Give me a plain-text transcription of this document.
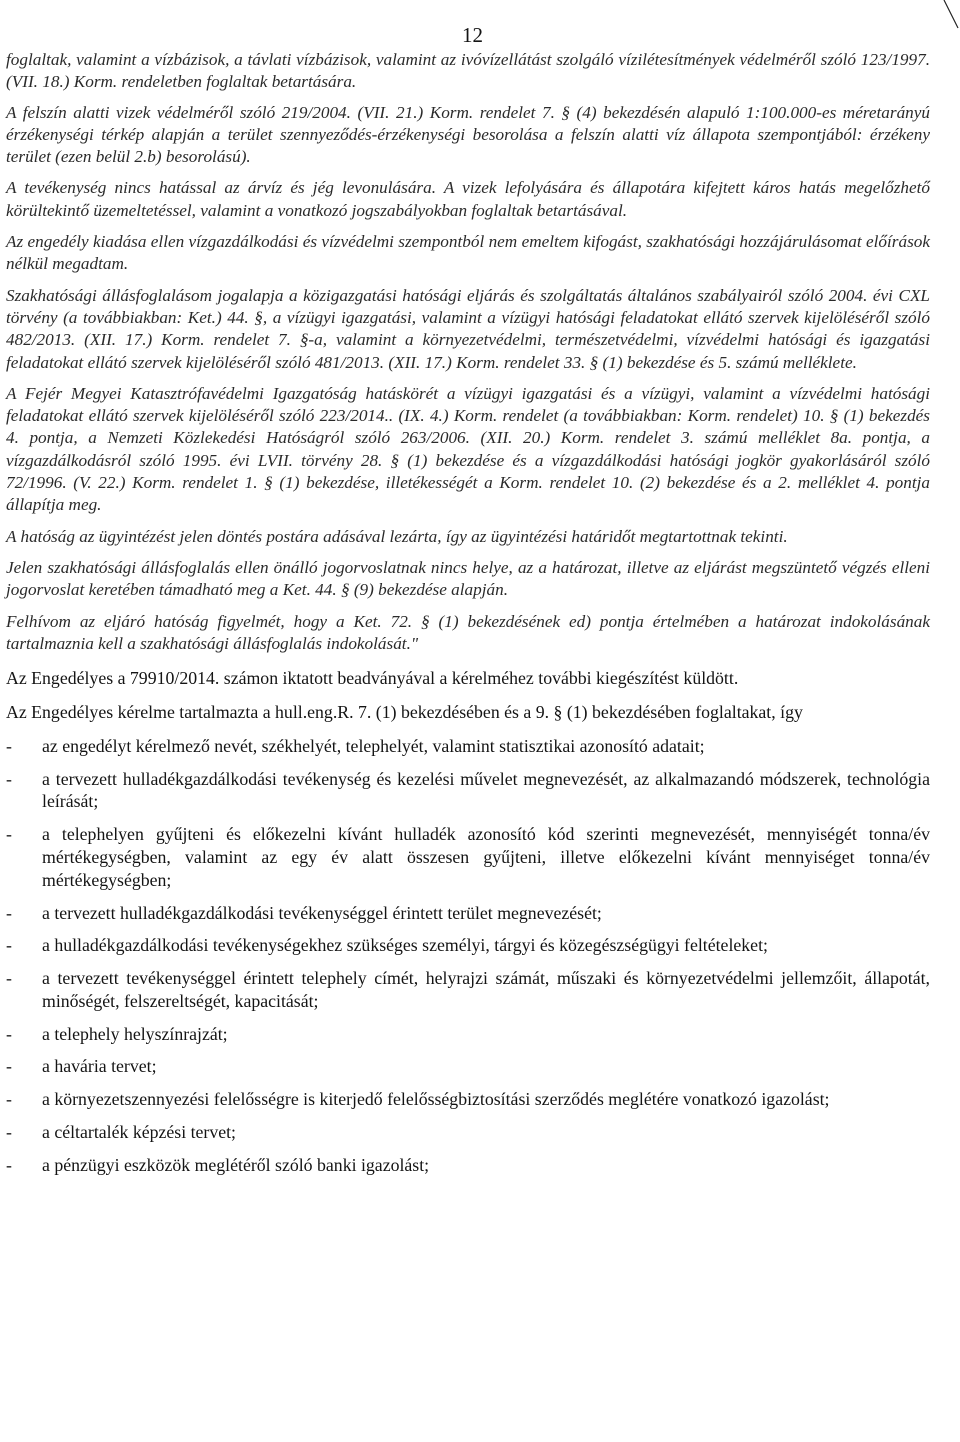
12

foglaltak, valamint a vízbázisok, a távlati vízbázisok, valamint az ivóvízellátást szolgáló vízilétesítmények védelméről szóló 123/1997. (VII. 18.) Korm. rendeletben foglaltak betartására.

A felszín alatti vizek védelméről szóló 219/2004. (VII. 21.) Korm. rendelet 7. § (4) bekezdésén alapuló 1:100.000-es méretarányú érzékenységi térkép alapján a terület szennyeződés-érzékenységi besorolása a felszín alatti víz állapota szempontjából: érzékeny terület (ezen belül 2.b) besorolású).

A tevékenység nincs hatással az árvíz és jég levonulására. A vizek lefolyására és állapotára kifejtett káros hatás megelőzhető körültekintő üzemeltetéssel, valamint a vonatkozó jogszabályokban foglaltak betartásával.

Az engedély kiadása ellen vízgazdálkodási és vízvédelmi szempontból nem emeltem kifogást, szakhatósági hozzájárulásomat előírások nélkül megadtam.

Szakhatósági állásfoglalásom jogalapja a közigazgatási hatósági eljárás és szolgáltatás általános szabályairól szóló 2004. évi CXL törvény (a továbbiakban: Ket.) 44. §, a vízügyi igazgatási, valamint a vízügyi hatósági feladatokat ellátó szervek kijelöléséről szóló 482/2013. (XII. 17.) Korm. rendelet 7. §-a, valamint a környezetvédelmi, természetvédelmi, vízvédelmi hatósági és igazgatási feladatokat ellátó szervek kijelöléséről szóló 481/2013. (XII. 17.) Korm. rendelet 33. § (1) bekezdése és 5. számú melléklete.

A Fejér Megyei Katasztrófavédelmi Igazgatóság hatáskörét a vízügyi igazgatási és a vízügyi, valamint a vízvédelmi hatósági feladatokat ellátó szervek kijelöléséről szóló 223/2014.. (IX. 4.) Korm. rendelet (a továbbiakban: Korm. rendelet) 10. § (1) bekezdés 4. pontja, a Nemzeti Közlekedési Hatóságról szóló 263/2006. (XII. 20.) Korm. rendelet 3. számú melléklet 8a. pontja, a vízgazdálkodásról szóló 1995. évi LVII. törvény 28. § (1) bekezdése és a vízgazdálkodási hatósági jogkör gyakorlásáról szóló 72/1996. (V. 22.) Korm. rendelet 1. § (1) bekezdése, illetékességét a Korm. rendelet 10. (2) bekezdése és a 2. melléklet 4. pontja állapítja meg.

A hatóság az ügyintézést jelen döntés postára adásával lezárta, így az ügyintézési határidőt megtartottnak tekinti.

Jelen szakhatósági állásfoglalás ellen önálló jogorvoslatnak nincs helye, az a határozat, illetve az eljárást megszüntető végzés elleni jogorvoslat keretében támadható meg a Ket. 44. § (9) bekezdése alapján.

Felhívom az eljáró hatóság figyelmét, hogy a Ket. 72. § (1) bekezdésének ed) pontja értelmében a határozat indokolásának tartalmaznia kell a szakhatósági állásfoglalás indokolását."

Az Engedélyes a 79910/2014. számon iktatott beadványával a kérelméhez további kiegészítést küldött.

Az Engedélyes kérelme tartalmazta a hull.eng.R. 7. (1) bekezdésében és a 9. § (1) bekezdésében foglaltakat, így

- az engedélyt kérelmező nevét, székhelyét, telephelyét, valamint statisztikai azonosító adatait;
- a tervezett hulladékgazdálkodási tevékenység és kezelési művelet megnevezését, az alkalmazandó módszerek, technológia leírását;
- a telephelyen gyűjteni és előkezelni kívánt hulladék azonosító kód szerinti megnevezését, mennyiségét tonna/év mértékegységben, valamint az egy év alatt összesen gyűjteni, illetve előkezelni kívánt mennyiséget tonna/év mértékegységben;
- a tervezett hulladékgazdálkodási tevékenységgel érintett terület megnevezését;
- a hulladékgazdálkodási tevékenységekhez szükséges személyi, tárgyi és közegészségügyi feltételeket;
- a tervezett tevékenységgel érintett telephely címét, helyrajzi számát, műszaki és környezetvédelmi jellemzőit, állapotát, minőségét, felszereltségét, kapacitását;
- a telephely helyszínrajzát;
- a havária tervet;
- a környezetszennyezési felelősségre is kiterjedő felelősségbiztosítási szerződés meglétére vonatkozó igazolást;
- a céltartalék képzési tervet;
- a pénzügyi eszközök meglétéről szóló banki igazolást;
